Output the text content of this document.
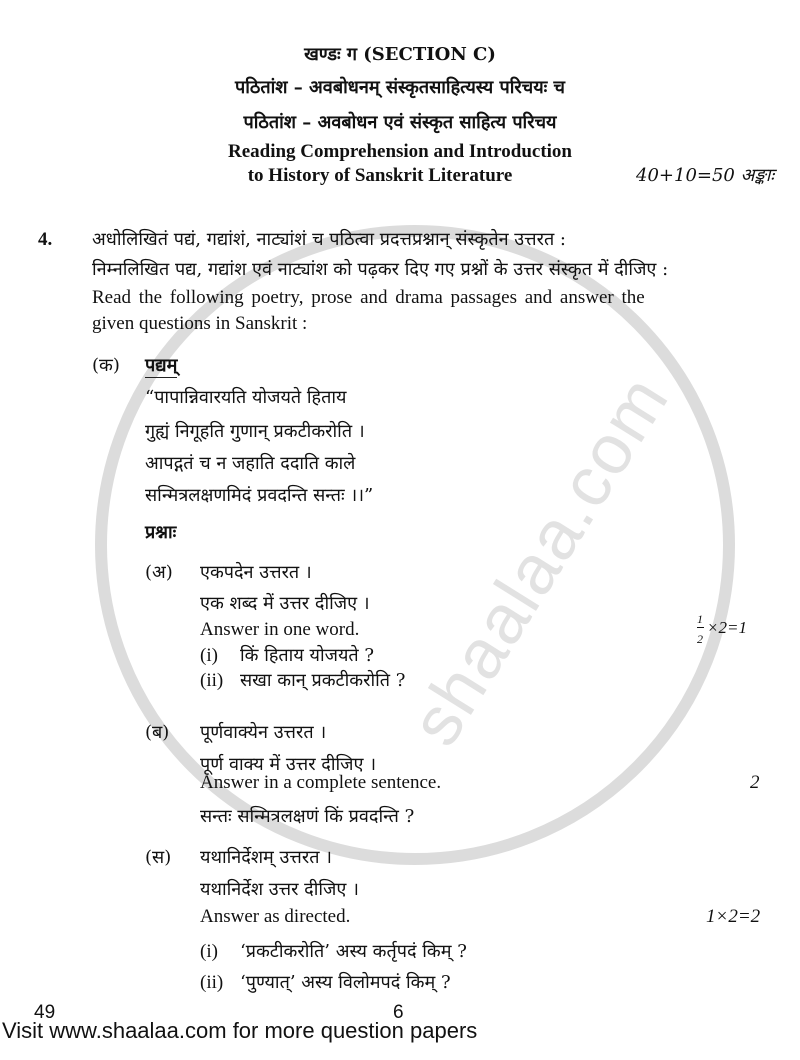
shaalaa.com
खण्डः ग (SECTION C)
पठितांश – अवबोधनम् संस्कृतसाहित्यस्य परिचयः च
पठितांश – अवबोधन एवं संस्कृत साहित्य परिचय
Reading Comprehension and Introduction
to History of Sanskrit Literature	40+10=50 अङ्काः
4. अधोलिखितं पद्यं, गद्यांशं, नाट्यांशं च पठित्वा प्रदत्तप्रश्नान् संस्कृतेन उत्तरत :
निम्नलिखित पद्य, गद्यांश एवं नाट्यांश को पढ़कर दिए गए प्रश्नों के उत्तर संस्कृत में दीजिए :
Read the following poetry, prose and drama passages and answer the
given questions in Sanskrit :
(क) पद्यम्
“पापान्निवारयति योजयते हिताय
गुह्यं निगूहति गुणान् प्रकटीकरोति ।
आपद्गतं च न जहाति ददाति काले
सन्मित्रलक्षणमिदं प्रवदन्ति सन्तः ।।”
प्रश्नाः
(अ) एकपदेन उत्तरत ।
एक शब्द में उत्तर दीजिए ।
Answer in one word.	1
2
×2=1
(i) किं हिताय योजयते ?
(ii) सखा कान् प्रकटीकरोति ?
(ब) पूर्णवाक्येन उत्तरत ।
पूर्ण वाक्य में उत्तर दीजिए ।
Answer in a complete sentence.	2
सन्तः सन्मित्रलक्षणं किं प्रवदन्ति ?
(स) यथानिर्देशम् उत्तरत ।
यथानिर्देश उत्तर दीजिए ।
Answer as directed.	1×2=2
(i) ‘प्रकटीकरोति’ अस्य कर्तृपदं किम् ?
(ii) ‘पुण्यात्’ अस्य विलोमपदं किम् ?
49	6
Visit www.shaalaa.com for more question papers
